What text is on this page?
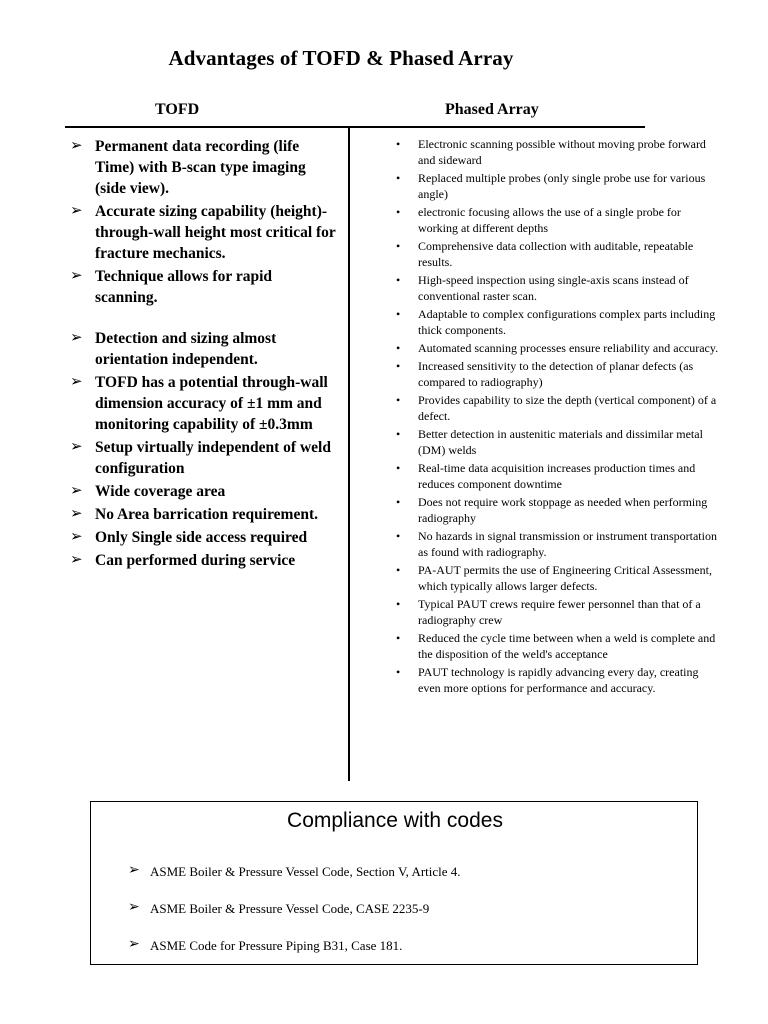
Advantages of TOFD & Phased Array
TOFD	Phased Array
➢ Permanent data recording (life Time) with B-scan type imaging (side view).
➢ Accurate sizing capability (height)-through-wall height most critical for fracture mechanics.
➢ Technique allows for rapid scanning.
➢ Detection and sizing almost orientation independent.
➢ TOFD has a potential through-wall dimension accuracy of ±1 mm and monitoring capability of ±0.3mm
➢ Setup virtually independent of weld configuration
➢ Wide coverage area
➢ No Area barrication requirement.
➢ Only Single side access required
➢ Can performed during service
• Electronic scanning possible without moving probe forward and sideward
• Replaced multiple probes (only single probe use for various angle)
• electronic focusing allows the use of a single probe for working at different depths
• Comprehensive data collection with auditable, repeatable results.
• High-speed inspection using single-axis scans instead of conventional raster scan.
• Adaptable to complex configurations complex parts including thick components.
• Automated scanning processes ensure reliability and accuracy.
• Increased sensitivity to the detection of planar defects (as compared to radiography)
• Provides capability to size the depth (vertical component) of a defect.
• Better detection in austenitic materials and dissimilar metal (DM) welds
• Real-time data acquisition increases production times and reduces component downtime
• Does not require work stoppage as needed when performing radiography
• No hazards in signal transmission or instrument transportation as found with radiography.
• PA-AUT permits the use of Engineering Critical Assessment, which typically allows larger defects.
• Typical PAUT crews require fewer personnel than that of a radiography crew
• Reduced the cycle time between when a weld is complete and the disposition of the weld's acceptance
• PAUT technology is rapidly advancing every day, creating even more options for performance and accuracy.
Compliance with codes
➢ ASME Boiler & Pressure Vessel Code, Section V, Article 4.
➢ ASME Boiler & Pressure Vessel Code, CASE 2235-9
➢ ASME Code for Pressure Piping B31, Case 181.
